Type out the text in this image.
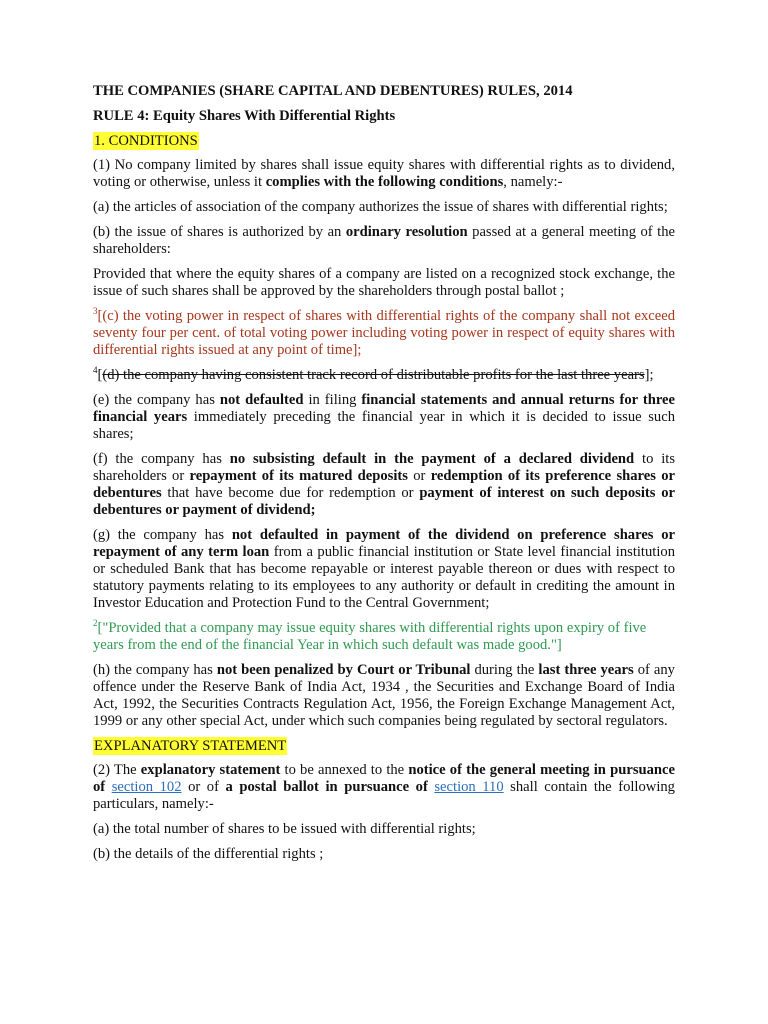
THE COMPANIES (SHARE CAPITAL AND DEBENTURES) RULES, 2014

RULE 4: Equity Shares With Differential Rights

1. CONDITIONS

(1) No company limited by shares shall issue equity shares with differential rights as to dividend, voting or otherwise, unless it complies with the following conditions, namely:-

(a) the articles of association of the company authorizes the issue of shares with differential rights;

(b) the issue of shares is authorized by an ordinary resolution passed at a general meeting of the shareholders:

Provided that where the equity shares of a company are listed on a recognized stock exchange, the issue of such shares shall be approved by the shareholders through postal ballot ;

$^3$[(c) the voting power in respect of shares with differential rights of the company shall not exceed seventy four per cent. of total voting power including voting power in respect of equity shares with differential rights issued at any point of time];

$^4$[(d) the company having consistent track record of distributable profits for the last three years];

(e) the company has not defaulted in filing financial statements and annual returns for three financial years immediately preceding the financial year in which it is decided to issue such shares;

(f) the company has no subsisting default in the payment of a declared dividend to its shareholders or repayment of its matured deposits or redemption of its preference shares or debentures that have become due for redemption or payment of interest on such deposits or debentures or payment of dividend;

(g) the company has not defaulted in payment of the dividend on preference shares or repayment of any term loan from a public financial institution or State level financial institution or scheduled Bank that has become repayable or interest payable thereon or dues with respect to statutory payments relating to its employees to any authority or default in crediting the amount in Investor Education and Protection Fund to the Central Government;

$^2$["Provided that a company may issue equity shares with differential rights upon expiry of five years from the end of the financial Year in which such default was made good."]

(h) the company has not been penalized by Court or Tribunal during the last three years of any offence under the Reserve Bank of India Act, 1934 , the Securities and Exchange Board of India Act, 1992, the Securities Contracts Regulation Act, 1956, the Foreign Exchange Management Act, 1999 or any other special Act, under which such companies being regulated by sectoral regulators.

EXPLANATORY STATEMENT

(2) The explanatory statement to be annexed to the notice of the general meeting in pursuance of section 102 or of a postal ballot in pursuance of section 110 shall contain the following particulars, namely:-

(a) the total number of shares to be issued with differential rights;

(b) the details of the differential rights ;
